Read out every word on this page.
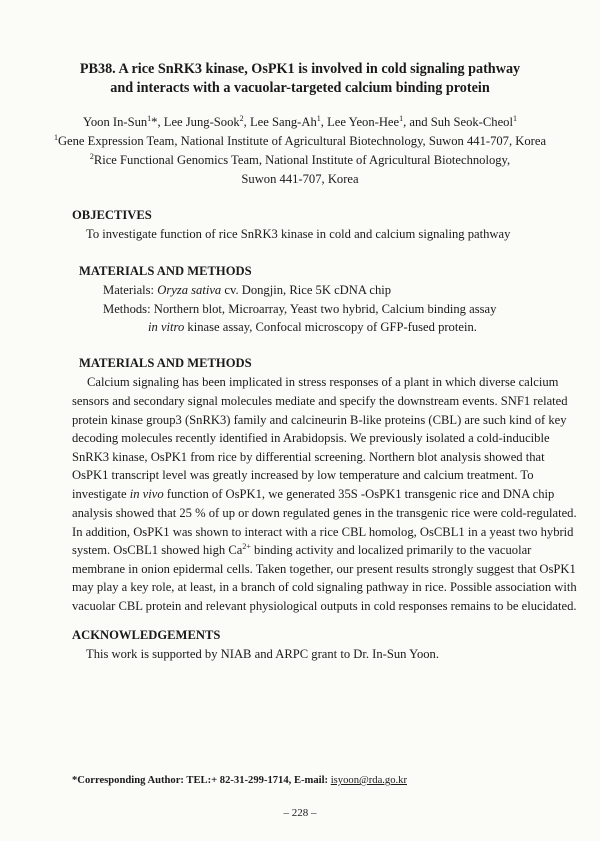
PB38. A rice SnRK3 kinase, OsPK1 is involved in cold signaling pathway
and interacts with a vacuolar-targeted calcium binding protein
Yoon In-Sun$^1$*, Lee Jung-Sook$^2$, Lee Sang-Ah$^1$, Lee Yeon-Hee$^1$, and Suh Seok-Cheol$^1$
$^1$Gene Expression Team, National Institute of Agricultural Biotechnology, Suwon 441-707, Korea
$^2$Rice Functional Genomics Team, National Institute of Agricultural Biotechnology,
Suwon 441-707, Korea
OBJECTIVES
To investigate function of rice SnRK3 kinase in cold and calcium signaling pathway
MATERIALS AND METHODS
Materials: Oryza sativa cv. Dongjin, Rice 5K cDNA chip
Methods: Northern blot, Microarray, Yeast two hybrid, Calcium binding assay
in vitro kinase assay, Confocal microscopy of GFP-fused protein.
MATERIALS AND METHODS
Calcium signaling has been implicated in stress responses of a plant in which diverse calcium
sensors and secondary signal molecules mediate and specify the downstream events. SNF1 related
protein kinase group3 (SnRK3) family and calcineurin B-like proteins (CBL) are such kind of key
decoding molecules recently identified in Arabidopsis. We previously isolated a cold-inducible
SnRK3 kinase, OsPK1 from rice by differential screening. Northern blot analysis showed that
OsPK1 transcript level was greatly increased by low temperature and calcium treatment. To
investigate in vivo function of OsPK1, we generated 35S -OsPK1 transgenic rice and DNA chip
analysis showed that 25 % of up or down regulated genes in the transgenic rice were cold-regulated.
In addition, OsPK1 was shown to interact with a rice CBL homolog, OsCBL1 in a yeast two hybrid
system. OsCBL1 showed high $Ca^{2+}$ binding activity and localized primarily to the vacuolar
membrane in onion epidermal cells. Taken together, our present results strongly suggest that OsPK1
may play a key role, at least, in a branch of cold signaling pathway in rice. Possible association with
vacuolar CBL protein and relevant physiological outputs in cold responses remains to be elucidated.
ACKNOWLEDGEMENTS
This work is supported by NIAB and ARPC grant to Dr. In-Sun Yoon.
*Corresponding Author: TEL:+ 82-31-299-1714, E-mail: isyoon@rda.go.kr
– 228 –
